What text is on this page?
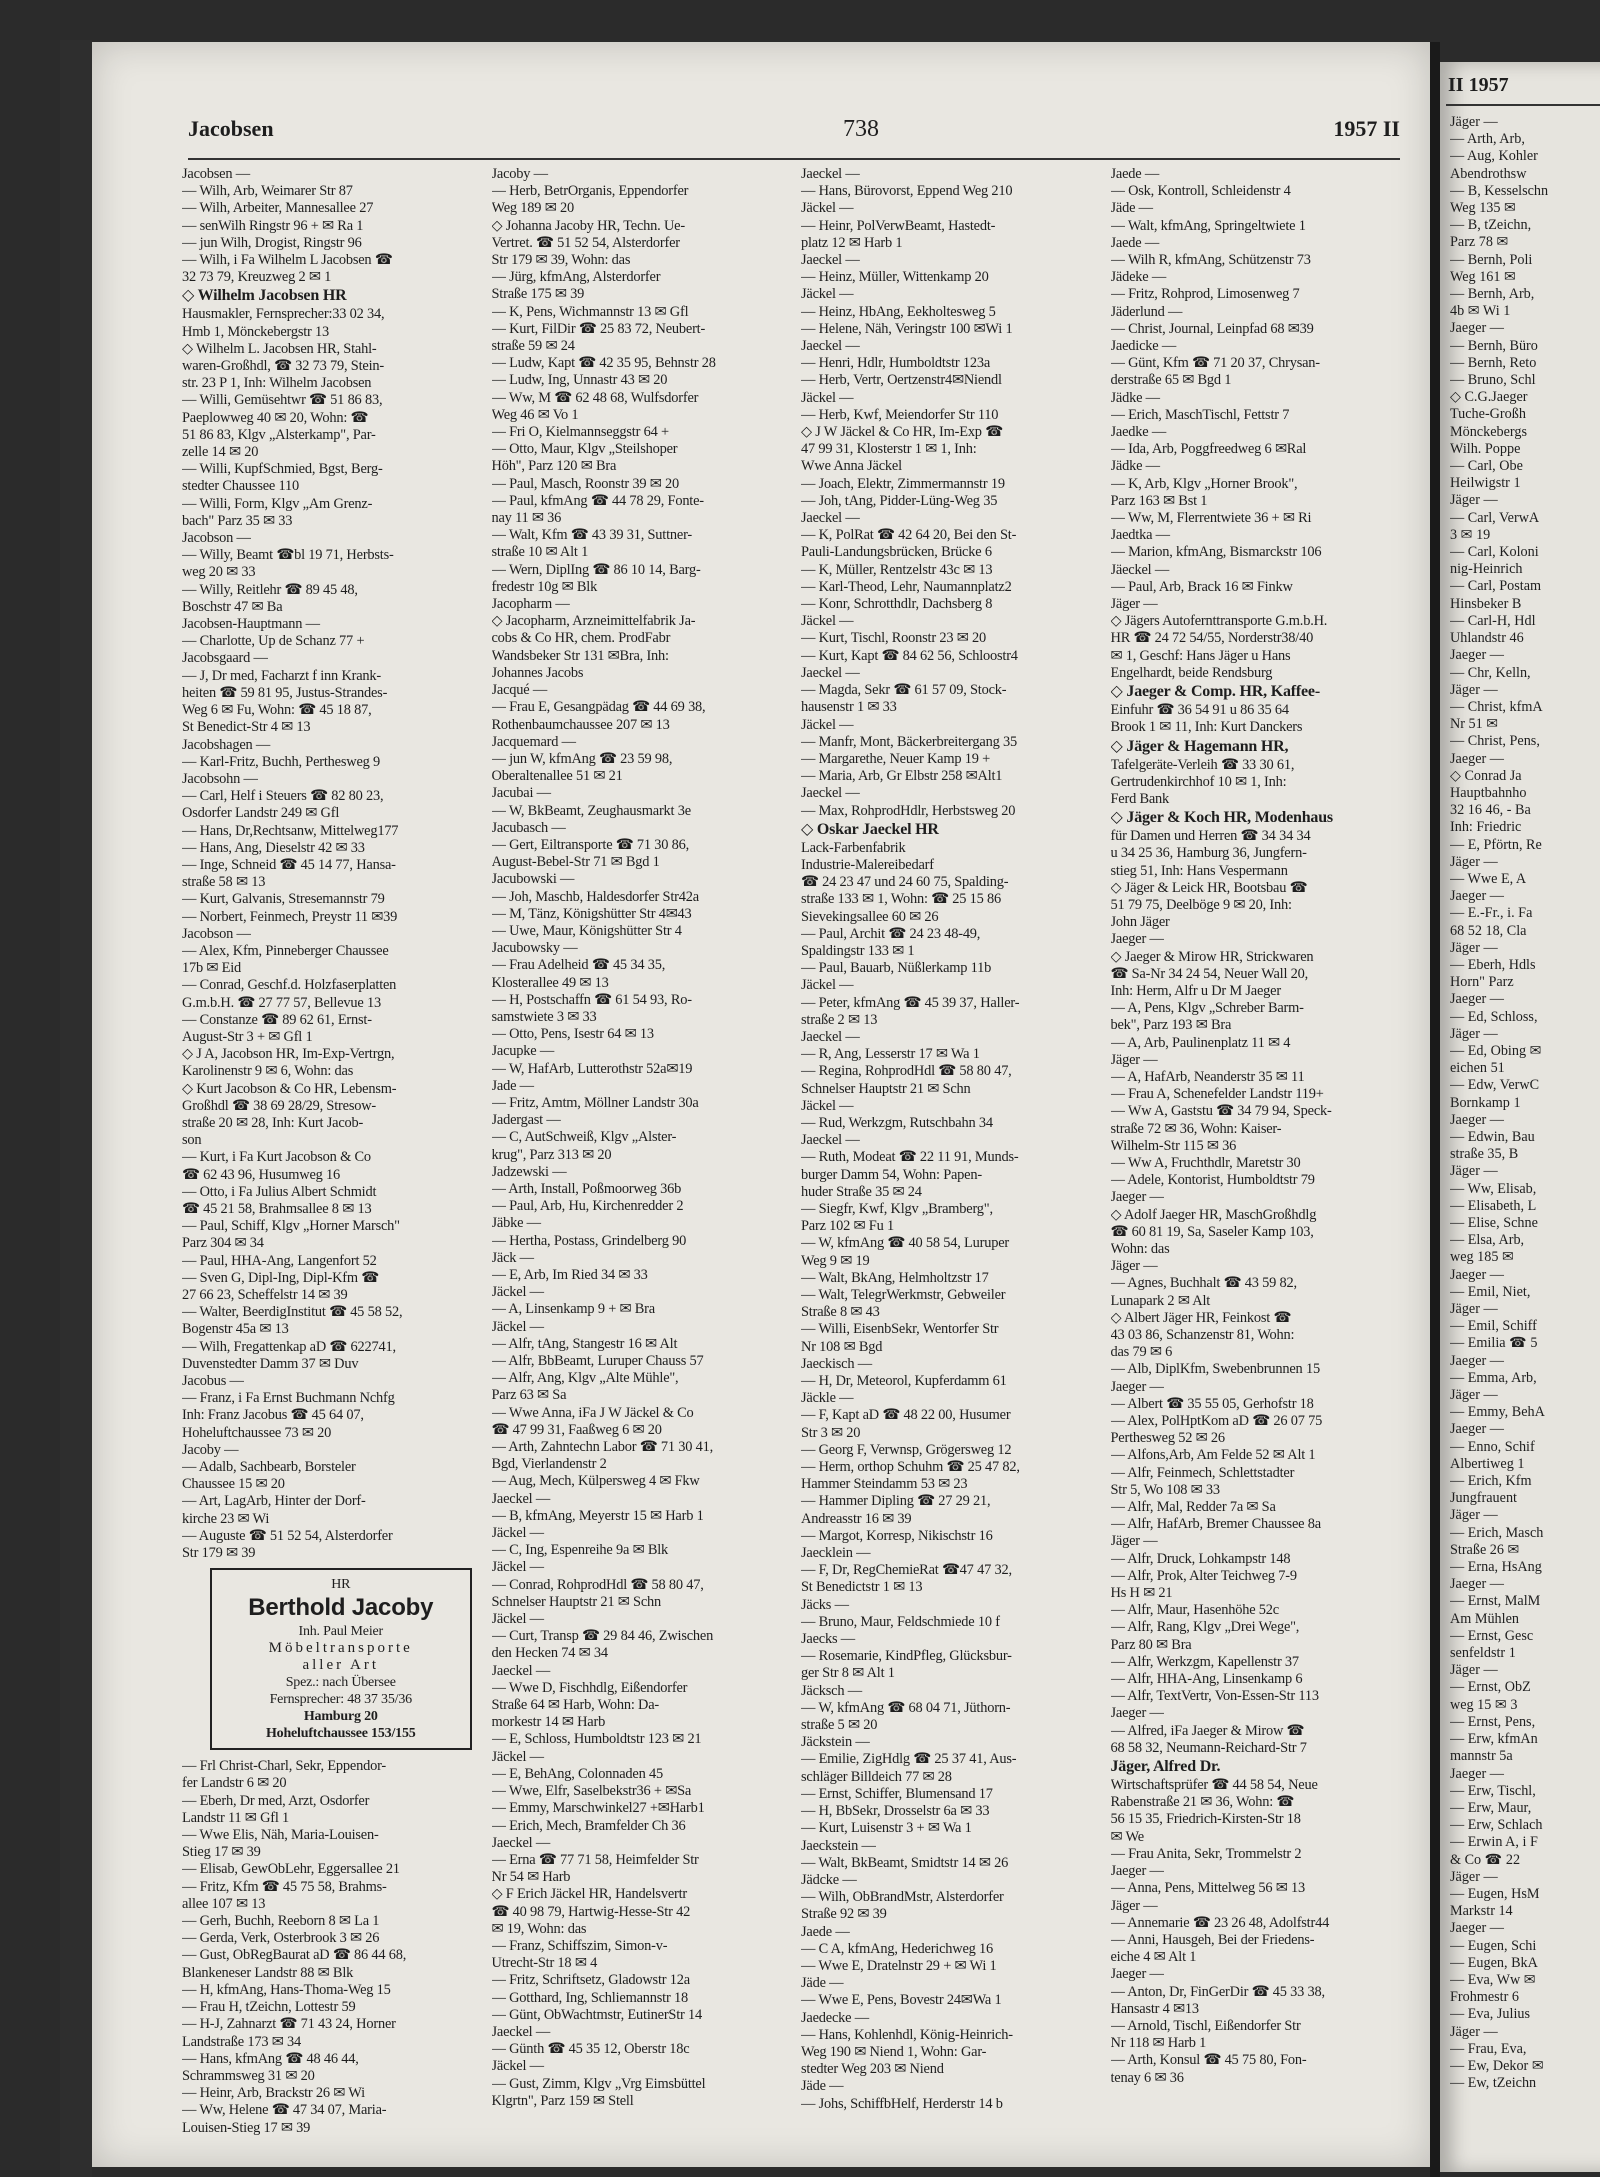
Jacobsen	738	1957 II
Jacobsen —
— Wilh, Arb, Weimarer Str 87
— Wilh, Arbeiter, Mannesallee 27
— senWilh Ringstr 96 + ✉ Ra 1
— jun Wilh, Drogist, Ringstr 96
— Wilh, i Fa Wilhelm L Jacobsen ☎
32 73 79, Kreuzweg 2 ✉ 1
◇ Wilhelm Jacobsen HR
Hausmakler, Fernsprecher:33 02 34,
Hmb 1, Mönckebergstr 13
◇ Wilhelm L. Jacobsen HR, Stahl-
waren-Großhdl, ☎ 32 73 79, Stein-
str. 23 P 1, Inh: Wilhelm Jacobsen
— Willi, Gemüsehtwr ☎ 51 86 83,
Paeplowweg 40 ✉ 20, Wohn: ☎
51 86 83, Klgv „Alsterkamp", Par-
zelle 14 ✉ 20
— Willi, KupfSchmied, Bgst, Berg-
stedter Chaussee 110
— Willi, Form, Klgv „Am Grenz-
bach" Parz 35 ✉ 33
Jacobson —
— Willy, Beamt ☎bl 19 71, Herbsts-
weg 20 ✉ 33
— Willy, Reitlehr ☎ 89 45 48,
Boschstr 47 ✉ Ba
Jacobsen-Hauptmann —
— Charlotte, Up de Schanz 77 +
Jacobsgaard —
— J, Dr med, Facharzt f inn Krank-
heiten ☎ 59 81 95, Justus-Strandes-
Weg 6 ✉ Fu, Wohn: ☎ 45 18 87,
St Benedict-Str 4 ✉ 13
Jacobshagen —
— Karl-Fritz, Buchh, Perthesweg 9
Jacobsohn —
— Carl, Helf i Steuers ☎ 82 80 23,
Osdorfer Landstr 249 ✉ Gfl
— Hans, Dr,Rechtsanw, Mittelweg177
— Hans, Ang, Dieselstr 42 ✉ 33
— Inge, Schneid ☎ 45 14 77, Hansa-
straße 58 ✉ 13
— Kurt, Galvanis, Stresemannstr 79
— Norbert, Feinmech, Preystr 11 ✉39
Jacobson —
— Alex, Kfm, Pinneberger Chaussee
17b ✉ Eid
— Conrad, Geschf.d. Holzfaserplatten
G.m.b.H. ☎ 27 77 57, Bellevue 13
— Constanze ☎ 89 62 61, Ernst-
August-Str 3 + ✉ Gfl 1
◇ J A, Jacobson HR, Im-Exp-Vertrgn,
Karolinenstr 9 ✉ 6, Wohn: das
◇ Kurt Jacobson & Co HR, Lebensm-
Großhdl ☎ 38 69 28/29, Stresow-
straße 20 ✉ 28, Inh: Kurt Jacob-
son
— Kurt, i Fa Kurt Jacobson & Co
☎ 62 43 96, Husumweg 16
— Otto, i Fa Julius Albert Schmidt
☎ 45 21 58, Brahmsallee 8 ✉ 13
— Paul, Schiff, Klgv „Horner Marsch"
Parz 304 ✉ 34
— Paul, HHA-Ang, Langenfort 52
— Sven G, Dipl-Ing, Dipl-Kfm ☎
27 66 23, Scheffelstr 14 ✉ 39
— Walter, BeerdigInstitut ☎ 45 58 52,
Bogenstr 45a ✉ 13
— Wilh, Fregattenkap aD ☎ 622741,
Duvenstedter Damm 37 ✉ Duv
Jacobus —
— Franz, i Fa Ernst Buchmann Nchfg
Inh: Franz Jacobus ☎ 45 64 07,
Hoheluftchaussee 73 ✉ 20
Jacoby —
— Adalb, Sachbearb, Borsteler
Chaussee 15 ✉ 20
— Art, LagArb, Hinter der Dorf-
kirche 23 ✉ Wi
— Auguste ☎ 51 52 54, Alsterdorfer
Str 179 ✉ 39
HR
Berthold Jacoby
Inh. Paul Meier
Möbeltransporte
aller Art
Spez.: nach Übersee
Fernsprecher: 48 37 35/36
Hamburg 20
Hoheluftchaussee 153/155
— Frl Christ-Charl, Sekr, Eppendor-
fer Landstr 6 ✉ 20
— Eberh, Dr med, Arzt, Osdorfer
Landstr 11 ✉ Gfl 1
— Wwe Elis, Näh, Maria-Louisen-
Stieg 17 ✉ 39
— Elisab, GewObLehr, Eggersallee 21
— Fritz, Kfm ☎ 45 75 58, Brahms-
allee 107 ✉ 13
— Gerh, Buchh, Reeborn 8 ✉ La 1
— Gerda, Verk, Osterbrook 3 ✉ 26
— Gust, ObRegBaurat aD ☎ 86 44 68,
Blankeneser Landstr 88 ✉ Blk
— H, kfmAng, Hans-Thoma-Weg 15
— Frau H, tZeichn, Lottestr 59
— H-J, Zahnarzt ☎ 71 43 24, Horner
Landstraße 173 ✉ 34
— Hans, kfmAng ☎ 48 46 44,
Schrammsweg 31 ✉ 20
— Heinr, Arb, Brackstr 26 ✉ Wi
— Ww, Helene ☎ 47 34 07, Maria-
Louisen-Stieg 17 ✉ 39
Jacoby —
— Herb, BetrOrganis, Eppendorfer
Weg 189 ✉ 20
◇ Johanna Jacoby HR, Techn. Ue-
Vertret. ☎ 51 52 54, Alsterdorfer
Str 179 ✉ 39, Wohn: das
— Jürg, kfmAng, Alsterdorfer
Straße 175 ✉ 39
— K, Pens, Wichmannstr 13 ✉ Gfl
— Kurt, FilDir ☎ 25 83 72, Neubert-
straße 59 ✉ 24
— Ludw, Kapt ☎ 42 35 95, Behnstr 28
— Ludw, Ing, Unnastr 43 ✉ 20
— Ww, M ☎ 62 48 68, Wulfsdorfer
Weg 46 ✉ Vo 1
— Fri O, Kielmannseggstr 64 +
— Otto, Maur, Klgv „Steilshoper
Höh", Parz 120 ✉ Bra
— Paul, Masch, Roonstr 39 ✉ 20
— Paul, kfmAng ☎ 44 78 29, Fonte-
nay 11 ✉ 36
— Walt, Kfm ☎ 43 39 31, Suttner-
straße 10 ✉ Alt 1
— Wern, DiplIng ☎ 86 10 14, Barg-
fredestr 10g ✉ Blk
Jacopharm —
◇ Jacopharm, Arzneimittelfabrik Ja-
cobs & Co HR, chem. ProdFabr
Wandsbeker Str 131 ✉Bra, Inh:
Johannes Jacobs
Jacqué —
— Frau E, Gesangpädag ☎ 44 69 38,
Rothenbaumchaussee 207 ✉ 13
Jacquemard —
— jun W, kfmAng ☎ 23 59 98,
Oberaltenallee 51 ✉ 21
Jacubai —
— W, BkBeamt, Zeughausmarkt 3e
Jacubasch —
— Gert, Eiltransporte ☎ 71 30 86,
August-Bebel-Str 71 ✉ Bgd 1
Jacubowski —
— Joh, Maschb, Haldesdorfer Str42a
— M, Tänz, Königshütter Str 4✉43
— Uwe, Maur, Königshütter Str 4
Jacubowsky —
— Frau Adelheid ☎ 45 34 35,
Klosterallee 49 ✉ 13
— H, Postschaffn ☎ 61 54 93, Ro-
samstwiete 3 ✉ 33
— Otto, Pens, Isestr 64 ✉ 13
Jacupke —
— W, HafArb, Lutterothstr 52a✉19
Jade —
— Fritz, Amtm, Möllner Landstr 30a
Jadergast —
— C, AutSchweiß, Klgv „Alster-
krug", Parz 313 ✉ 20
Jadzewski —
— Arth, Install, Poßmoorweg 36b
— Paul, Arb, Hu, Kirchenredder 2
Jäbke —
— Hertha, Postass, Grindelberg 90
Jäck —
— E, Arb, Im Ried 34 ✉ 33
Jäckel —
— A, Linsenkamp 9 + ✉ Bra
Jäckel —
— Alfr, tAng, Stangestr 16 ✉ Alt
— Alfr, BbBeamt, Luruper Chauss 57
— Alfr, Ang, Klgv „Alte Mühle",
Parz 63 ✉ Sa
— Wwe Anna, iFa J W Jäckel & Co
☎ 47 99 31, Faaßweg 6 ✉ 20
— Arth, Zahntechn Labor ☎ 71 30 41,
Bgd, Vierlandenstr 2
— Aug, Mech, Külpersweg 4 ✉ Fkw
Jaeckel —
— B, kfmAng, Meyerstr 15 ✉ Harb 1
Jäckel —
— C, Ing, Espenreihe 9a ✉ Blk
Jäckel —
— Conrad, RohprodHdl ☎ 58 80 47,
Schnelser Hauptstr 21 ✉ Schn
Jäckel —
— Curt, Transp ☎ 29 84 46, Zwischen
den Hecken 74 ✉ 34
Jaeckel —
— Wwe D, Fischhdlg, Eißendorfer
Straße 64 ✉ Harb, Wohn: Da-
morkestr 14 ✉ Harb
— E, Schloss, Humboldtstr 123 ✉ 21
Jäckel —
— E, BehAng, Colonnaden 45
— Wwe, Elfr, Saselbekstr36 + ✉Sa
— Emmy, Marschwinkel27 +✉Harb1
— Erich, Mech, Bramfelder Ch 36
Jaeckel —
— Erna ☎ 77 71 58, Heimfelder Str
Nr 54 ✉ Harb
◇ F Erich Jäckel HR, Handelsvertr
☎ 40 98 79, Hartwig-Hesse-Str 42
✉ 19, Wohn: das
— Franz, Schiffszim, Simon-v-
Utrecht-Str 18 ✉ 4
— Fritz, Schriftsetz, Gladowstr 12a
— Gotthard, Ing, Schliemannstr 18
— Günt, ObWachtmstr, EutinerStr 14
Jaeckel —
— Günth ☎ 45 35 12, Oberstr 18c
Jäckel —
— Gust, Zimm, Klgv „Vrg Eimsbüttel
Klgrtn", Parz 159 ✉ Stell
Jaeckel —
— Hans, Bürovorst, Eppend Weg 210
Jäckel —
— Heinr, PolVerwBeamt, Hastedt-
platz 12 ✉ Harb 1
Jaeckel —
— Heinz, Müller, Wittenkamp 20
Jäckel —
— Heinz, HbAng, Eekholtesweg 5
— Helene, Näh, Veringstr 100 ✉Wi 1
Jaeckel —
— Henri, Hdlr, Humboldtstr 123a
— Herb, Vertr, Oertzenstr4✉Niendl
Jäckel —
— Herb, Kwf, Meiendorfer Str 110
◇ J W Jäckel & Co HR, Im-Exp ☎
47 99 31, Klosterstr 1 ✉ 1, Inh:
Wwe Anna Jäckel
— Joach, Elektr, Zimmermannstr 19
— Joh, tAng, Pidder-Lüng-Weg 35
Jaeckel —
— K, PolRat ☎ 42 64 20, Bei den St-
Pauli-Landungsbrücken, Brücke 6
— K, Müller, Rentzelstr 43c ✉ 13
— Karl-Theod, Lehr, Naumannplatz2
— Konr, Schrotthdlr, Dachsberg 8
Jäckel —
— Kurt, Tischl, Roonstr 23 ✉ 20
— Kurt, Kapt ☎ 84 62 56, Schloostr4
Jaeckel —
— Magda, Sekr ☎ 61 57 09, Stock-
hausenstr 1 ✉ 33
Jäckel —
— Manfr, Mont, Bäckerbreitergang 35
— Margarethe, Neuer Kamp 19 +
— Maria, Arb, Gr Elbstr 258 ✉Alt1
Jaeckel —
— Max, RohprodHdlr, Herbstsweg 20
◇ Oskar Jaeckel HR
Lack-Farbenfabrik
Industrie-Malereibedarf
☎ 24 23 47 und 24 60 75, Spalding-
straße 133 ✉ 1, Wohn: ☎ 25 15 86
Sievekingsallee 60 ✉ 26
— Paul, Archit ☎ 24 23 48-49,
Spaldingstr 133 ✉ 1
— Paul, Bauarb, Nüßlerkamp 11b
Jäckel —
— Peter, kfmAng ☎ 45 39 37, Haller-
straße 2 ✉ 13
Jaeckel —
— R, Ang, Lesserstr 17 ✉ Wa 1
— Regina, RohprodHdl ☎ 58 80 47,
Schnelser Hauptstr 21 ✉ Schn
Jäckel —
— Rud, Werkzgm, Rutschbahn 34
Jaeckel —
— Ruth, Modeat ☎ 22 11 91, Munds-
burger Damm 54, Wohn: Papen-
huder Straße 35 ✉ 24
— Siegfr, Kwf, Klgv „Bramberg",
Parz 102 ✉ Fu 1
— W, kfmAng ☎ 40 58 54, Luruper
Weg 9 ✉ 19
— Walt, BkAng, Helmholtzstr 17
— Walt, TelegrWerkmstr, Gebweiler
Straße 8 ✉ 43
— Willi, EisenbSekr, Wentorfer Str
Nr 108 ✉ Bgd
Jaeckisch —
— H, Dr, Meteorol, Kupferdamm 61
Jäckle —
— F, Kapt aD ☎ 48 22 00, Husumer
Str 3 ✉ 20
— Georg F, Verwnsp, Grögersweg 12
— Herm, orthop Schuhm ☎ 25 47 82,
Hammer Steindamm 53 ✉ 23
— Hammer Dipling ☎ 27 29 21,
Andreasstr 16 ✉ 39
— Margot, Korresp, Nikischstr 16
Jaecklein —
— F, Dr, RegChemieRat ☎47 47 32,
St Benedictstr 1 ✉ 13
Jäcks —
— Bruno, Maur, Feldschmiede 10 f
Jaecks —
— Rosemarie, KindPfleg, Glücksbur-
ger Str 8 ✉ Alt 1
Jäcksch —
— W, kfmAng ☎ 68 04 71, Jüthorn-
straße 5 ✉ 20
Jäckstein —
— Emilie, ZigHdlg ☎ 25 37 41, Aus-
schläger Billdeich 77 ✉ 28
— Ernst, Schiffer, Blumensand 17
— H, BbSekr, Drosselstr 6a ✉ 33
— Kurt, Luisenstr 3 + ✉ Wa 1
Jaeckstein —
— Walt, BkBeamt, Smidtstr 14 ✉ 26
Jädcke —
— Wilh, ObBrandMstr, Alsterdorfer
Straße 92 ✉ 39
Jaede —
— C A, kfmAng, Hederichweg 16
— Wwe E, Dratelnstr 29 + ✉ Wi 1
Jäde —
— Wwe E, Pens, Bovestr 24✉Wa 1
Jaedecke —
— Hans, Kohlenhdl, König-Heinrich-
Weg 190 ✉ Niend 1, Wohn: Gar-
stedter Weg 203 ✉ Niend
Jäde —
— Johs, SchiffbHelf, Herderstr 14 b
Jaede —
— Osk, Kontroll, Schleidenstr 4
Jäde —
— Walt, kfmAng, Springeltwiete 1
Jaede —
— Wilh R, kfmAng, Schützenstr 73
Jädeke —
— Fritz, Rohprod, Limosenweg 7
Jäderlund —
— Christ, Journal, Leinpfad 68 ✉39
Jaedicke —
— Günt, Kfm ☎ 71 20 37, Chrysan-
derstraße 65 ✉ Bgd 1
Jädke —
— Erich, MaschTischl, Fettstr 7
Jaedke —
— Ida, Arb, Poggfreedweg 6 ✉Ral
Jädke —
— K, Arb, Klgv „Horner Brook",
Parz 163 ✉ Bst 1
— Ww, M, Flerrentwiete 36 + ✉ Ri
Jaedtka —
— Marion, kfmAng, Bismarckstr 106
Jäeckel —
— Paul, Arb, Brack 16 ✉ Finkw
Jäger —
◇ Jägers Autofernttransporte G.m.b.H.
HR ☎ 24 72 54/55, Norderstr38/40
✉ 1, Geschf: Hans Jäger u Hans
Engelhardt, beide Rendsburg
◇ Jaeger & Comp. HR, Kaffee-
Einfuhr ☎ 36 54 91 u 86 35 64
Brook 1 ✉ 11, Inh: Kurt Danckers
◇ Jäger & Hagemann HR,
Tafelgeräte-Verleih ☎ 33 30 61,
Gertrudenkirchhof 10 ✉ 1, Inh:
Ferd Bank
◇ Jäger & Koch HR, Modenhaus
für Damen und Herren ☎ 34 34 34
u 34 25 36, Hamburg 36, Jungfern-
stieg 51, Inh: Hans Vespermann
◇ Jäger & Leick HR, Bootsbau ☎
51 79 75, Deelböge 9 ✉ 20, Inh:
John Jäger
Jaeger —
◇ Jaeger & Mirow HR, Strickwaren
☎ Sa-Nr 34 24 54, Neuer Wall 20,
Inh: Herm, Alfr u Dr M Jaeger
— A, Pens, Klgv „Schreber Barm-
bek", Parz 193 ✉ Bra
— A, Arb, Paulinenplatz 11 ✉ 4
Jäger —
— A, HafArb, Neanderstr 35 ✉ 11
— Frau A, Schenefelder Landstr 119+
— Ww A, Gaststu ☎ 34 79 94, Speck-
straße 72 ✉ 36, Wohn: Kaiser-
Wilhelm-Str 115 ✉ 36
— Ww A, Fruchthdlr, Maretstr 30
— Adele, Kontorist, Humboldtstr 79
Jaeger —
◇ Adolf Jaeger HR, MaschGroßhdlg
☎ 60 81 19, Sa, Saseler Kamp 103,
Wohn: das
Jäger —
— Agnes, Buchhalt ☎ 43 59 82,
Lunapark 2 ✉ Alt
◇ Albert Jäger HR, Feinkost ☎
43 03 86, Schanzenstr 81, Wohn:
das 79 ✉ 6
— Alb, DiplKfm, Swebenbrunnen 15
Jaeger —
— Albert ☎ 35 55 05, Gerhofstr 18
— Alex, PolHptKom aD ☎ 26 07 75
Perthesweg 52 ✉ 26
— Alfons,Arb, Am Felde 52 ✉ Alt 1
— Alfr, Feinmech, Schlettstadter
Str 5, Wo 108 ✉ 33
— Alfr, Mal, Redder 7a ✉ Sa
— Alfr, HafArb, Bremer Chaussee 8a
Jäger —
— Alfr, Druck, Lohkampstr 148
— Alfr, Prok, Alter Teichweg 7-9
Hs H ✉ 21
— Alfr, Maur, Hasenhöhe 52c
— Alfr, Rang, Klgv „Drei Wege",
Parz 80 ✉ Bra
— Alfr, Werkzgm, Kapellenstr 37
— Alfr, HHA-Ang, Linsenkamp 6
— Alfr, TextVertr, Von-Essen-Str 113
Jaeger —
— Alfred, iFa Jaeger & Mirow ☎
68 58 32, Neumann-Reichard-Str 7
Jäger, Alfred Dr.
Wirtschaftsprüfer ☎ 44 58 54, Neue
Rabenstraße 21 ✉ 36, Wohn: ☎
56 15 35, Friedrich-Kirsten-Str 18
✉ We
— Frau Anita, Sekr, Trommelstr 2
Jaeger —
— Anna, Pens, Mittelweg 56 ✉ 13
Jäger —
— Annemarie ☎ 23 26 48, Adolfstr44
— Anni, Hausgeh, Bei der Friedens-
eiche 4 ✉ Alt 1
Jaeger —
— Anton, Dr, FinGerDir ☎ 45 33 38,
Hansastr 4 ✉13
— Arnold, Tischl, Eißendorfer Str
Nr 118 ✉ Harb 1
— Arth, Konsul ☎ 45 75 80, Fon-
tenay 6 ✉ 36
II 1957
Jäger —
— Arth, Arb,
— Aug, Kohler
Abendrothsw
— B, Kesselschn
Weg 135 ✉
— B, tZeichn,
Parz 78 ✉
— Bernh, Poli
Weg 161 ✉
— Bernh, Arb,
4b ✉ Wi 1
Jaeger —
— Bernh, Büro
— Bernh, Reto
— Bruno, Schl
◇ C.G.Jaeger
Tuche-Großh
Mönckebergs
Wilh. Poppe
— Carl, Obe
Heilwigstr 1
Jäger —
— Carl, VerwA
3 ✉ 19
— Carl, Koloni
nig-Heinrich
— Carl, Postam
Hinsbeker B
— Carl-H, Hdl
Uhlandstr 46
Jaeger —
— Chr, Kelln,
Jäger —
— Christ, kfmA
Nr 51 ✉
— Christ, Pens,
Jaeger —
◇ Conrad Ja
Hauptbahnho
32 16 46, - Ba
Inh: Friedric
— E, Pförtn, Re
Jäger —
— Wwe E, A
Jaeger —
— E.-Fr., i. Fa
68 52 18, Cla
Jäger —
— Eberh, Hdls
Horn" Parz
Jaeger —
— Ed, Schloss,
Jäger —
— Ed, Obing ✉
eichen 51
— Edw, VerwC
Bornkamp 1
Jaeger —
— Edwin, Bau
straße 35, B
Jäger —
— Ww, Elisab,
— Elisabeth, L
— Elise, Schne
— Elsa, Arb,
weg 185 ✉
Jaeger —
— Emil, Niet,
Jäger —
— Emil, Schiff
— Emilia ☎ 5
Jaeger —
— Emma, Arb,
Jäger —
— Emmy, BehA
Jaeger —
— Enno, Schif
Albertiweg 1
— Erich, Kfm
Jungfrauent
Jäger —
— Erich, Masch
Straße 26 ✉
— Erna, HsAng
Jaeger —
— Ernst, MalM
Am Mühlen
— Ernst, Gesc
senfeldstr 1
Jäger —
— Ernst, ObZ
weg 15 ✉ 3
— Ernst, Pens,
— Erw, kfmAn
mannstr 5a
Jaeger —
— Erw, Tischl,
— Erw, Maur,
— Erw, Schlach
— Erwin A, i F
& Co ☎ 22
Jäger —
— Eugen, HsM
Markstr 14
Jaeger —
— Eugen, Schi
— Eugen, BkA
— Eva, Ww ✉
Frohmestr 6
— Eva, Julius
Jäger —
— Frau, Eva,
— Ew, Dekor ✉
— Ew, tZeichn
